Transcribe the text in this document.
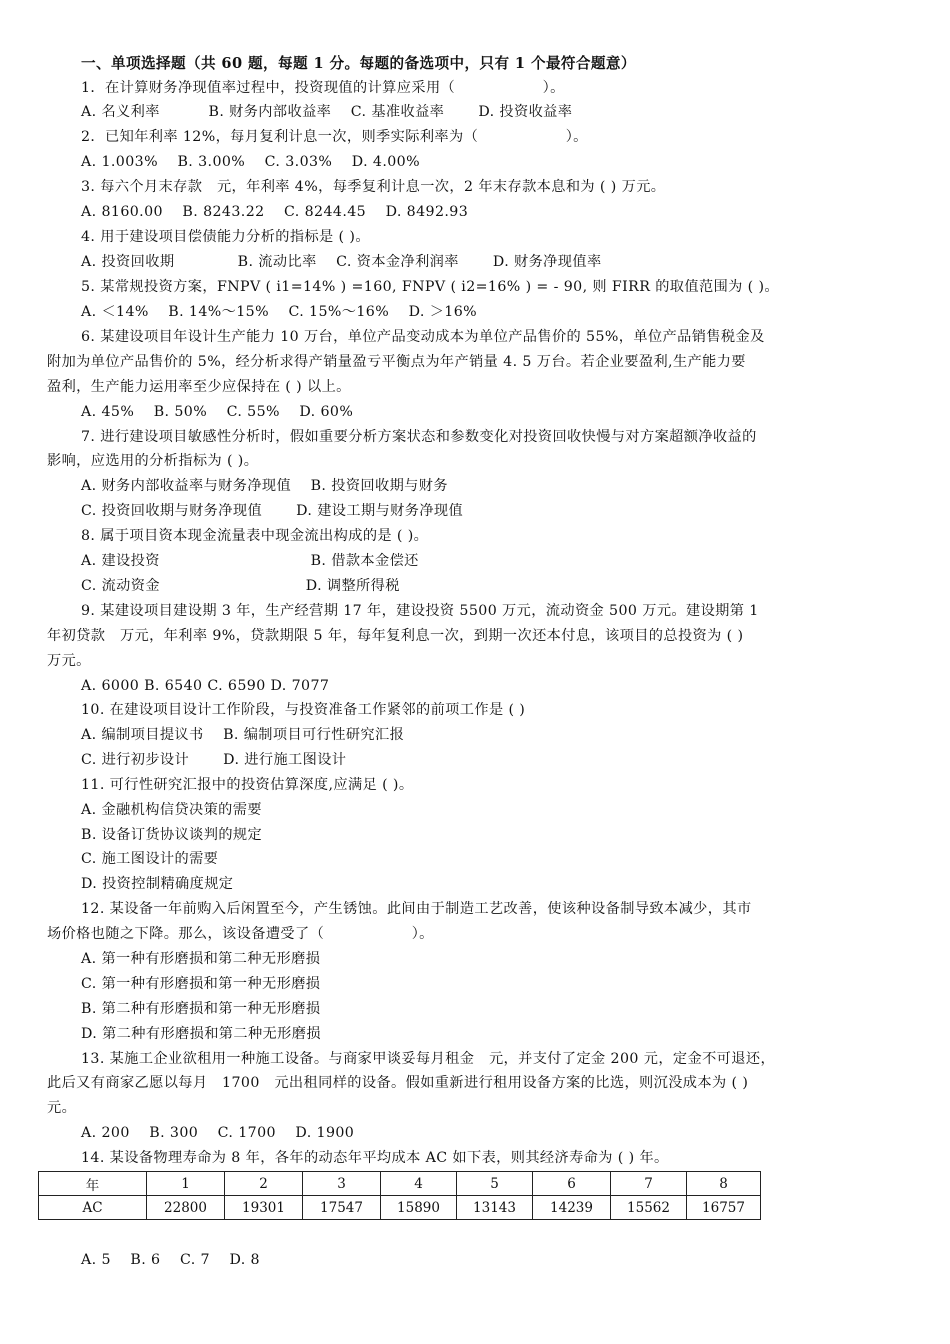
一、单项选择题（共 60 题，每题 1 分。每题的备选项中，只有 1 个最符合题意）
1．在计算财务净现值率过程中，投资现值的计算应采用（　　　　　　）。
A. 名义利率　　　 B. 财务内部收益率　 C. 基准收益率　　 D. 投资收益率
2．已知年利率 12%，每月复利计息一次，则季实际利率为（　　　　　　）。
A. 1.003%　 B. 3.00%　 C. 3.03%　 D. 4.00%
3. 每六个月末存款　元，年利率 4%，每季复利计息一次，2 年末存款本息和为 ( ) 万元。
A. 8160.00　 B. 8243.22　 C. 8244.45　 D. 8492.93
4. 用于建设项目偿债能力分析的指标是 ( )。
A. 投资回收期　　　　 B. 流动比率　 C. 资本金净利润率　　 D. 财务净现值率
5. 某常规投资方案，FNPV ( i1=14% ) =160, FNPV ( i2=16% ) = - 90, 则 FIRR 的取值范围为 ( )。
A. ＜14%　 B. 14%～15%　 C. 15%～16%　 D. ＞16%
6. 某建设项目年设计生产能力 10 万台，单位产品变动成本为单位产品售价的 55%，单位产品销售税金及
附加为单位产品售价的 5%，经分析求得产销量盈亏平衡点为年产销量 4. 5 万台。若企业要盈利,生产能力要
盈利，生产能力运用率至少应保持在 ( ) 以上。
A. 45%　 B. 50%　 C. 55%　 D. 60%
7. 进行建设项目敏感性分析时，假如重要分析方案状态和参数变化对投资回收快慢与对方案超额净收益的
影响，应选用的分析指标为 ( )。
A. 财务内部收益率与财务净现值　 B. 投资回收期与财务
C. 投资回收期与财务净现值　　 D. 建设工期与财务净现值
8. 属于项目资本现金流量表中现金流出构成的是 ( )。
A. 建设投资　　　　　　　　　　 B. 借款本金偿还
C. 流动资金　　　　　　　　　　D. 调整所得税
9. 某建设项目建设期 3 年，生产经营期 17 年，建设投资 5500 万元，流动资金 500 万元。建设期第 1
年初贷款　万元，年利率 9%，贷款期限 5 年，每年复利息一次，到期一次还本付息，该项目的总投资为 ( )
万元。
A. 6000 B. 6540 C. 6590 D. 7077
10. 在建设项目设计工作阶段，与投资准备工作紧邻的前项工作是 ( )
A. 编制项目提议书　 B. 编制项目可行性研究汇报
C. 进行初步设计　　 D. 进行施工图设计
11. 可行性研究汇报中的投资估算深度,应满足 ( )。
A. 金融机构信贷决策的需要
B. 设备订货协议谈判的规定
C. 施工图设计的需要
D. 投资控制精确度规定
12. 某设备一年前购入后闲置至今，产生锈蚀。此间由于制造工艺改善，使该种设备制导致本减少，其市
场价格也随之下降。那么，该设备遭受了（　　　　　　）。
A. 第一种有形磨损和第二种无形磨损
C. 第一种有形磨损和第一种无形磨损
B. 第二种有形磨损和第一种无形磨损
D. 第二种有形磨损和第二种无形磨损
13. 某施工企业欲租用一种施工设备。与商家甲谈妥每月租金　元，并支付了定金 200 元，定金不可退还，
此后又有商家乙愿以每月　1700　元出租同样的设备。假如重新进行租用设备方案的比选，则沉没成本为 ( )
元。
A. 200　 B. 300　 C. 1700　 D. 1900
14. 某设备物理寿命为 8 年，各年的动态年平均成本 AC 如下表，则其经济寿命为 ( ) 年。
年	1	2	3	4	5	6	7	8
AC	22800	19301	17547	15890	13143	14239	15562	16757
A. 5　 B. 6　 C. 7　 D. 8
